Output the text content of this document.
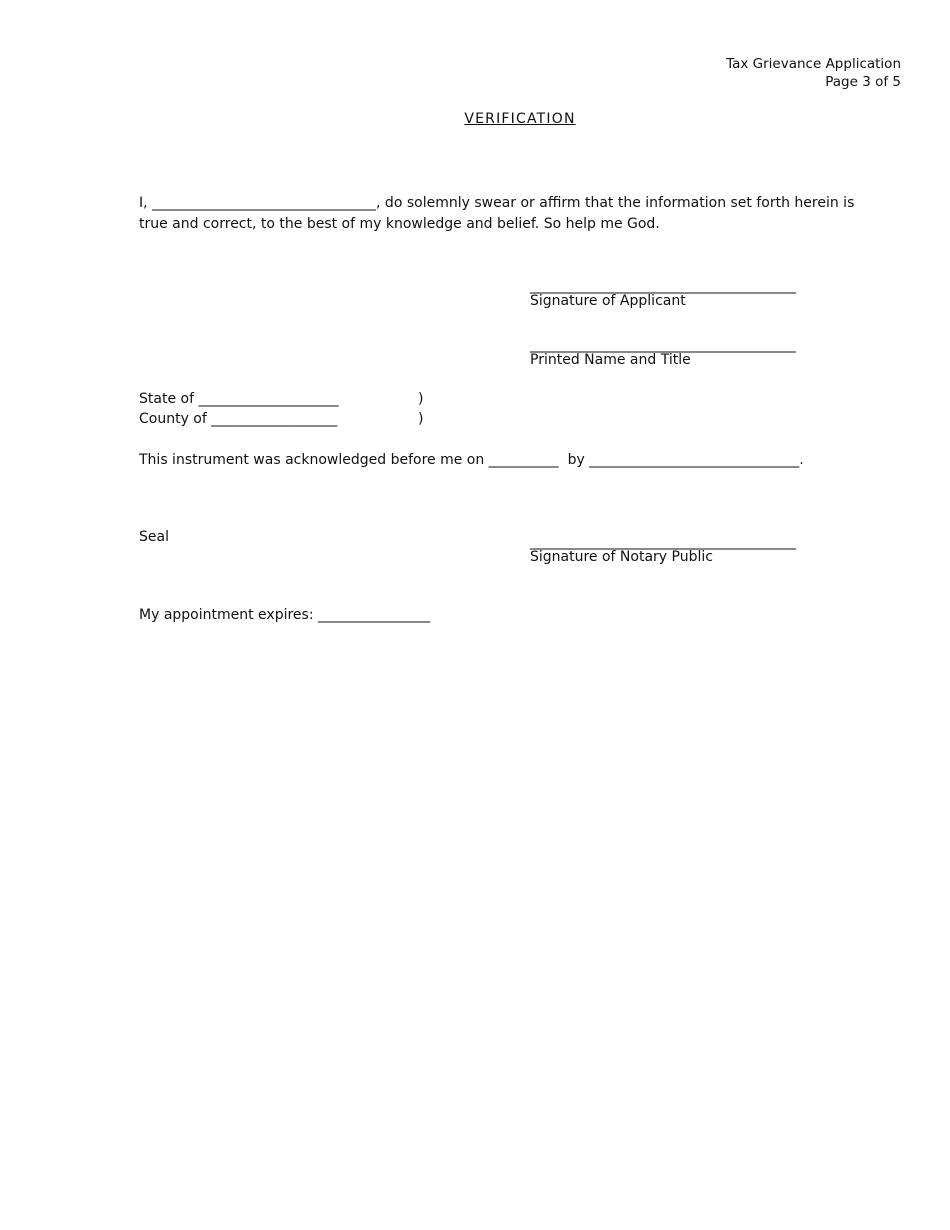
Tax Grievance Application
Page 3 of 5
VERIFICATION
I, ________________________________, do solemnly swear or affirm that the information set forth herein is
true and correct, to the best of my knowledge and belief. So help me God.
______________________________________
Signature of Applicant
______________________________________
Printed Name and Title
State of ____________________	)
County of __________________	)
This instrument was acknowledged before me on __________  by ______________________________.
Seal	______________________________________
Signature of Notary Public
My appointment expires: ________________
